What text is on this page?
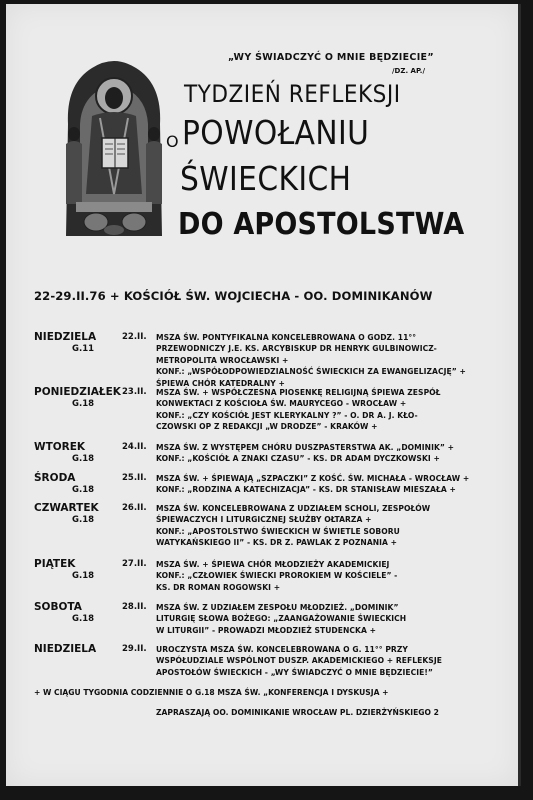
„WY ŚWIADCZYĆ O MNIE BĘDZIECIE”
/DZ. AP./
TYDZIEŃ REFLEKSJI
O POWOŁANIU
ŚWIECKICH
DO APOSTOLSTWA
22-29.II.76 + KOŚCIÓŁ ŚW. WOJCIECHA - OO. DOMINIKANÓW
NIEDZIELA
G.11
22.II. MSZA ŚW. PONTYFIKALNA KONCELEBROWANA O GODZ. 11°°
PRZEWODNICZY J.E. KS. ARCYBISKUP DR HENRYK GULBINOWICZ-
METROPOLITA WROCŁAWSKI +
KONF.: „WSPÓŁODPOWIEDZIALNOŚĆ ŚWIECKICH ZA EWANGELIZACJĘ” +
ŚPIEWA CHÓR KATEDRALNY +
PONIEDZIAŁEK
G.18
23.II. MSZA ŚW. + WSPÓŁCZESNA PIOSENKĘ RELIGIJNĄ ŚPIEWA ZESPÓŁ
KONWEKTACI Z KOŚCIOŁA ŚW. MAURYCEGO - WROCŁAW +
KONF.: „CZY KOŚCIÓŁ JEST KLERYKALNY ?” - O. DR A. J. KŁO-
CZOWSKI OP Z REDAKCJI „W DRODZE” - KRAKÓW +
WTOREK
G.18
24.II. MSZA ŚW. Z WYSTĘPEM CHÓRU DUSZPASTERSTWA AK. „DOMINIK” +
KONF.: „KOŚCIÓŁ A ZNAKI CZASU” - KS. DR ADAM DYCZKOWSKI +
ŚRODA
G.18
25.II. MSZA ŚW. + ŚPIEWAJĄ „SZPACZKI” Z KOŚĆ. ŚW. MICHAŁA - WROCŁAW +
KONF.: „RODZINA A KATECHIZACJA” - KS. DR STANISŁAW MIESZAŁA +
CZWARTEK
G.18
26.II. MSZA ŚW. KONCELEBROWANA Z UDZIAŁEM SCHOLI, ZESPOŁÓW
ŚPIEWACZYCH I LITURGICZNEJ SŁUŻBY OŁTARZA +
KONF.: „APOSTOLSTWO ŚWIECKICH W ŚWIETLE SOBORU
WATYKAŃSKIEGO II” - KS. DR Z. PAWLAK Z POZNANIA +
PIĄTEK
G.18
27.II. MSZA ŚW. + ŚPIEWA CHÓR MŁODZIEŻY AKADEMICKIEJ
KONF.: „CZŁOWIEK ŚWIECKI PROROKIEM W KOŚCIELE” -
KS. DR ROMAN ROGOWSKI +
SOBOTA
G.18
28.II. MSZA ŚW. Z UDZIAŁEM ZESPOŁU MŁODZIEŻ. „DOMINIK”
LITURGIĘ SŁOWA BOŻEGO: „ZAANGAŻOWANIE ŚWIECKICH
W LITURGII” - PROWADZI MŁODZIEŻ STUDENCKA +
NIEDZIELA	29.II. UROCZYSTA MSZA ŚW. KONCELEBROWANA O G. 11°° PRZY
WSPÓŁUDZIALE WSPÓLNOT DUSZP. AKADEMICKIEGO + REFLEKSJE
APOSTOŁÓW ŚWIECKICH - „WY ŚWIADCZYĆ O MNIE BĘDZIECIE!”
+ W CIĄGU TYGODNIA CODZIENNIE O G.18 MSZA ŚW. „KONFERENCJA I DYSKUSJA +
ZAPRASZAJĄ OO. DOMINIKANIE WROCŁAW PL. DZIERŻYŃSKIEGO 2
